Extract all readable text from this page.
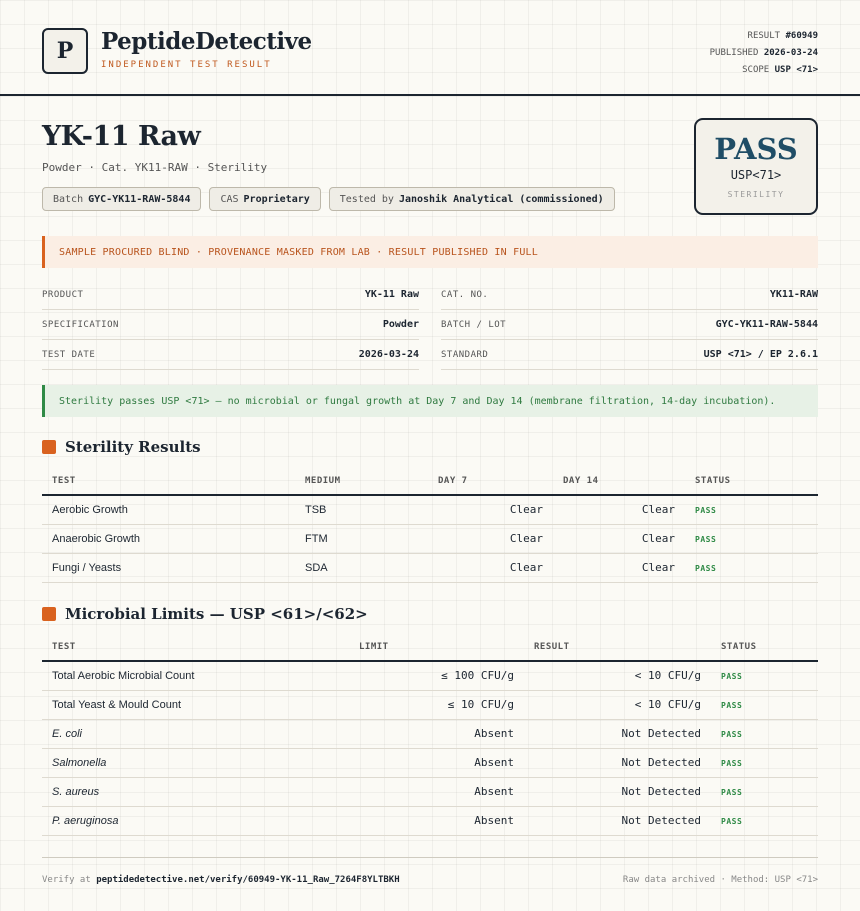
P PeptideDetective
INDEPENDENT TEST RESULT
RESULT #60949
PUBLISHED 2026-03-24
SCOPE USP <71>
YK-11 Raw
Powder · Cat. YK11-RAW · Sterility
Batch GYC-YK11-RAW-5844	CAS Proprietary	Tested by Janoshik Analytical (commissioned)
PASS
USP<71>
STERILITY
SAMPLE PROCURED BLIND · PROVENANCE MASKED FROM LAB · RESULT PUBLISHED IN FULL
PRODUCT	YK-11 Raw
SPECIFICATION	Powder
TEST DATE	2026-03-24
CAT. NO.	YK11-RAW
BATCH / LOT	GYC-YK11-RAW-5844
STANDARD	USP <71> / EP 2.6.1
Sterility passes USP <71> — no microbial or fungal growth at Day 7 and Day 14 (membrane filtration, 14-day incubation).
Sterility Results
TEST	MEDIUM	DAY 7	DAY 14	STATUS
Aerobic Growth	TSB	Clear	Clear	PASS
Anaerobic Growth	FTM	Clear	Clear	PASS
Fungi / Yeasts	SDA	Clear	Clear	PASS
Microbial Limits — USP <61>/<62>
TEST	LIMIT	RESULT	STATUS
Total Aerobic Microbial Count	≤ 100 CFU/g	< 10 CFU/g	PASS
Total Yeast & Mould Count	≤ 10 CFU/g	< 10 CFU/g	PASS
E. coli	Absent	Not Detected	PASS
Salmonella	Absent	Not Detected	PASS
S. aureus	Absent	Not Detected	PASS
P. aeruginosa	Absent	Not Detected	PASS
Verify at peptidedetective.net/verify/60949-YK-11_Raw_7264F8YLTBKH	Raw data archived · Method: USP <71>
